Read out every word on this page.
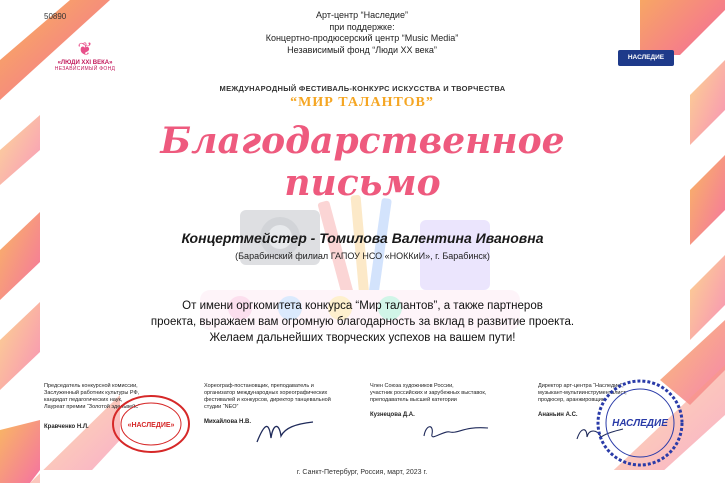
50890
❦
«ЛЮДИ XXI ВЕКА»
НЕЗАВИСИМЫЙ ФОНД
НАСЛЕДИЕ
Арт-центр “Наследие”
при поддержке:
Концертно-продюсерский центр “Music Media”
Независимый фонд “Люди XX века”
МЕЖДУНАРОДНЫЙ ФЕСТИВАЛЬ-КОНКУРС ИСКУССТВА И ТВОРЧЕСТВА
“МИР ТАЛАНТОВ”
Благодарственное
письмо
Концертмейстер - Томилова Валентина Ивановна
(Барабинский филиал ГАПОУ НСО «НОККиИ», г. Барабинск)
От имени оргкомитета конкурса “Мир талантов”, а также партнеров
проекта, выражаем вам огромную благодарность за вклад в развитие проекта.
Желаем дальнейших творческих успехов на вашем пути!
Председатель конкурсной комиссии,
Заслуженный работник культуры РФ,
кандидат педагогических наук,
Лауреат премии “Золотой эдельвейс”
Кравченко Н.Л.
Хореограф-постановщик, преподаватель и
организатор международных хореографических
фестивалей и конкурсов, директор танцевальной
студии “NEO”
Михайлова Н.В.
Член Союза художников России,
участник российских и зарубежных выставок,
преподаватель высшей категории
Кузнецова Д.А.
Директор арт-центра “Наследие”,
музыкант-мультиинструменталист,
продюсер, аранжировщик
Ананьин А.С.
«НАСЛЕДИЕ»	НАСЛЕДИЕ
г. Санкт-Петербург, Россия, март, 2023 г.
